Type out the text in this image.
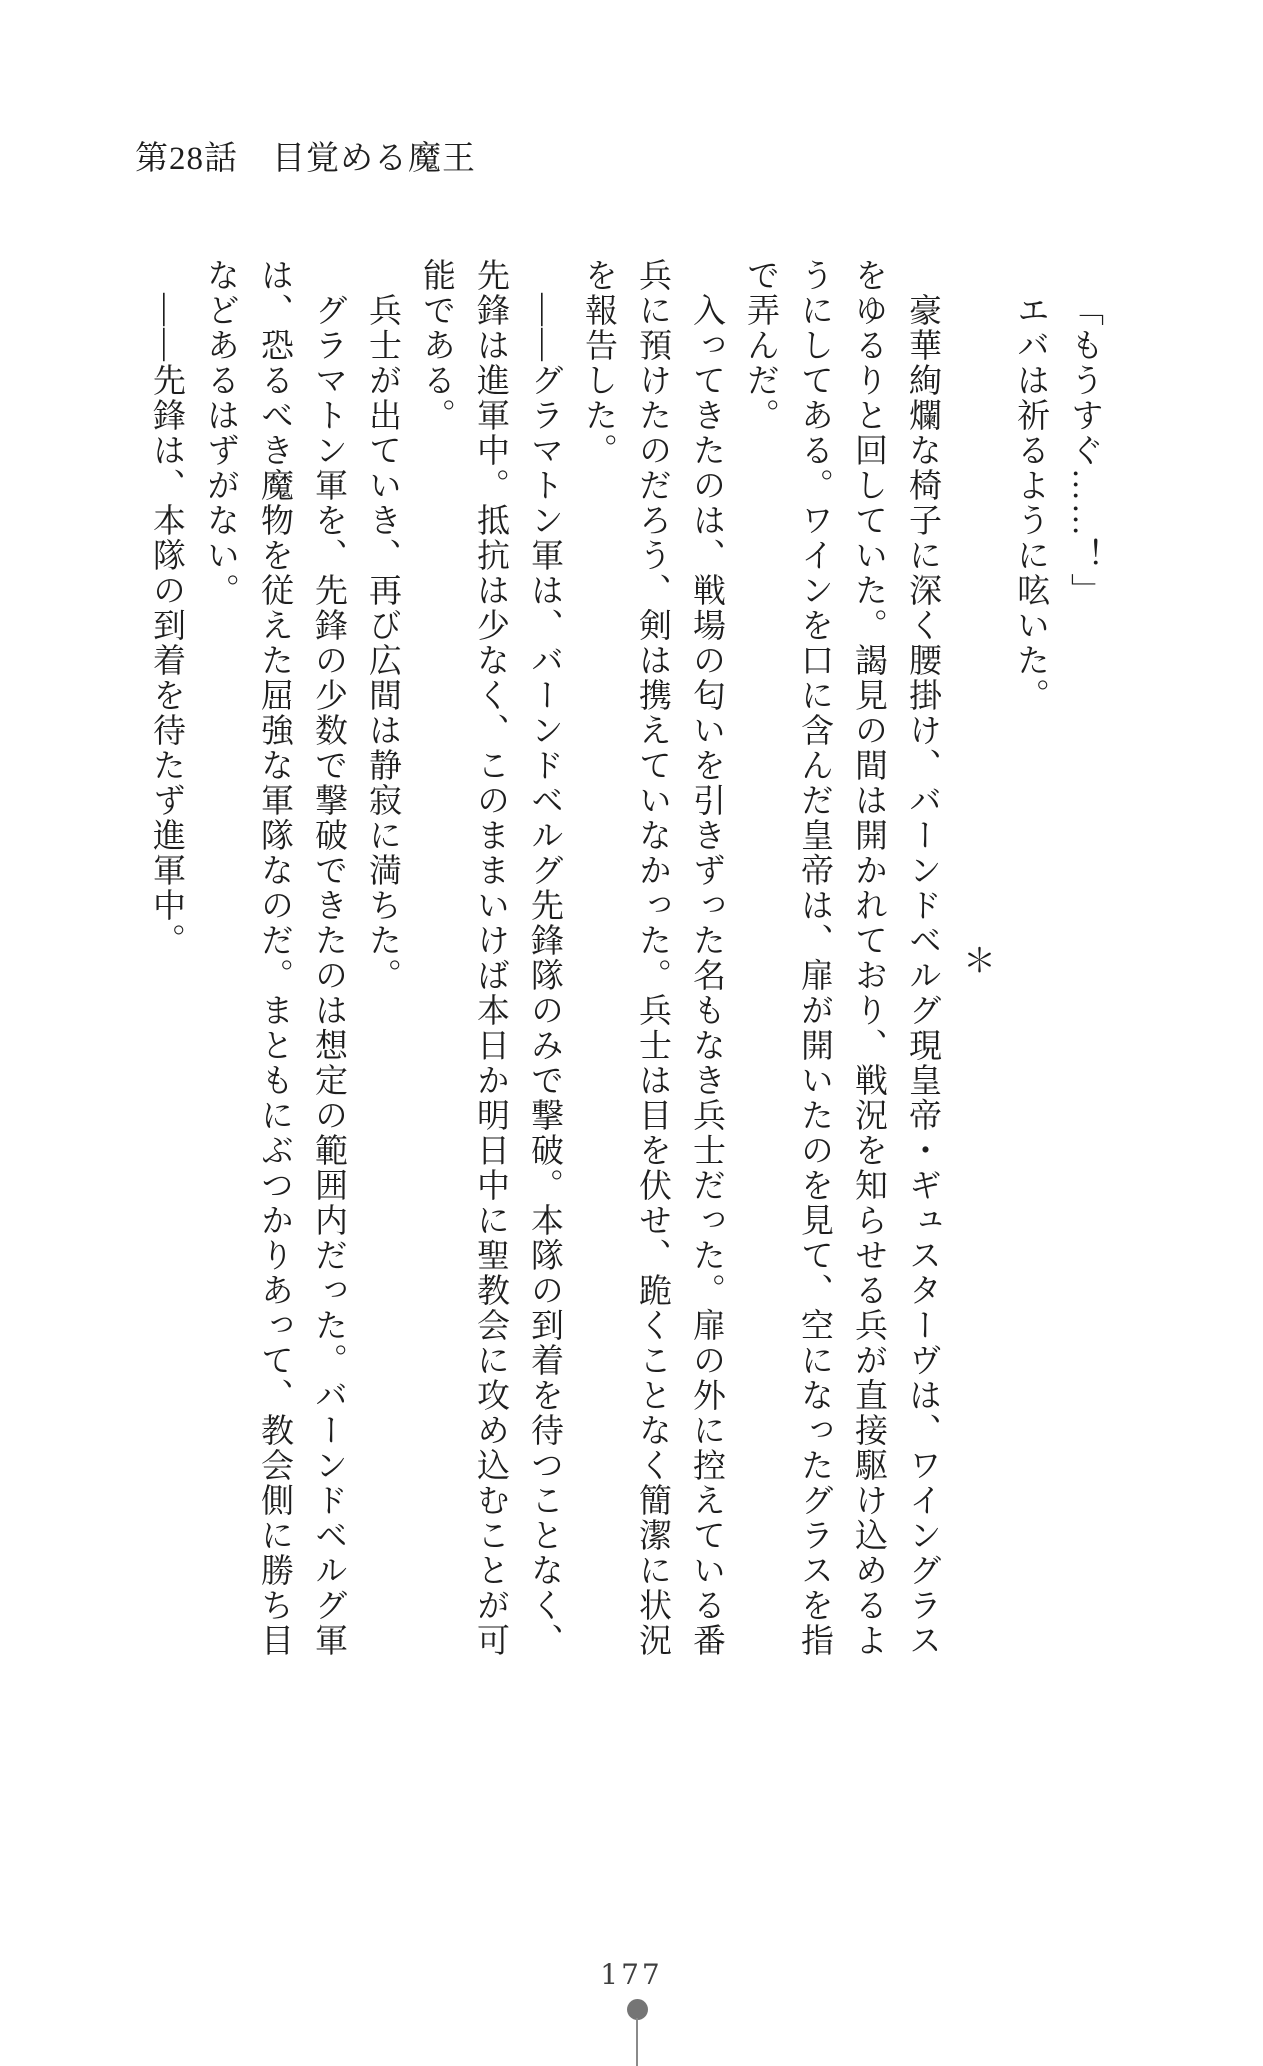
第28話　目覚める魔王

「もうすぐ……！」

エバは祈るように呟いた。

＊

豪華絢爛な椅子に深く腰掛け、バーンドベルグ現皇帝・ギュスターヴは、ワイングラスをゆるりと回していた。謁見の間は開かれており、戦況を知らせる兵が直接駆け込めるようにしてある。ワインを口に含んだ皇帝は、扉が開いたのを見て、空になったグラスを指で弄んだ。

入ってきたのは、戦場の匂いを引きずった名もなき兵士だった。扉の外に控えている番兵に預けたのだろう、剣は携えていなかった。兵士は目を伏せ、跪くことなく簡潔に状況を報告した。

――グラマトン軍は、バーンドベルグ先鋒隊のみで撃破。本隊の到着を待つことなく、先鋒は進軍中。抵抗は少なく、このままいけば本日か明日中に聖教会に攻め込むことが可能である。

兵士が出ていき、再び広間は静寂に満ちた。

グラマトン軍を、先鋒の少数で撃破できたのは想定の範囲内だった。バーンドベルグ軍は、恐るべき魔物を従えた屈強な軍隊なのだ。まともにぶつかりあって、教会側に勝ち目などあるはずがない。

――先鋒は、本隊の到着を待たず進軍中。

177
